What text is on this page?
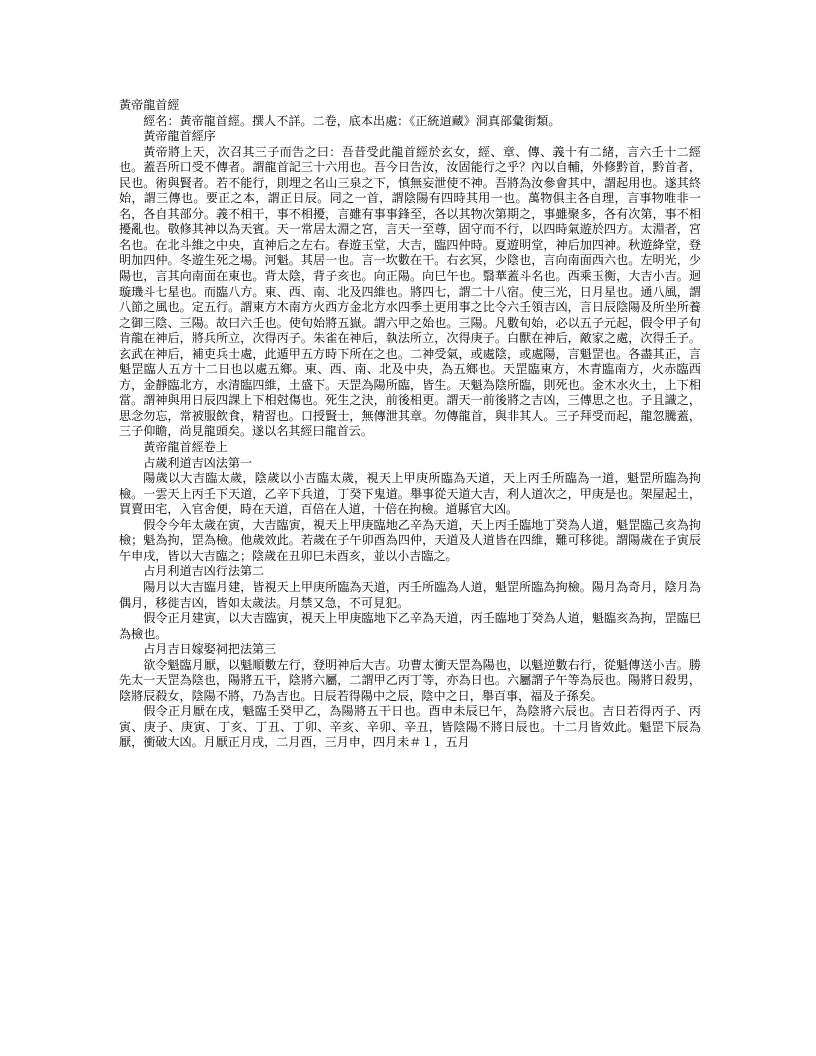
黃帝龍首經

經名：黃帝龍首經。撰人不詳。二卷，底本出處：《正統道藏》洞真部彙街類。

黃帝龍首經序

黃帝將上天，次召其三子而告之曰：吾昔受此龍首經於玄女，經、章、傳、義十有二緒，言六壬十二經也。蓋吾所口受不傳者。謂龍首記三十六用也。吾今日告汝，汝固能行之乎？內以自輔，外修黔首，黔首者，民也。術與賢者。若不能行，則埋之名山三泉之下，慎無妄泄使不神。吾將為汝參會其中，謂起用也。遂其終始，謂三傳也。要正之本，謂正日辰。同之一首，謂陰陽有四時其用一也。萬物俱主各自理，言事物唯非一名，各自其部分。義不相干，事不相擾，言雖有事事鋒至，各以其物次第期之，事雖聚多，各有次第，事不相擾亂也。敬修其神以為天賓。天一常居太淵之宮，言天一至尊，固守而不行，以四時氣遊於四方。太淵者，宮名也。在北斗維之中央，直神后之左右。春遊玉堂，大吉，臨四仲時。夏遊明堂，神后加四神。秋遊絳堂，登明加四仲。冬遊生死之場。河魁。其居一也。言一坎數在干。右玄冥，少陰也，言向南面西六也。左明光，少陽也，言其向南面在東也。背太陰，背子亥也。向正陽。向巳午也。翳華蓋斗名也。西乘玉衡，大吉小吉。迴璇璣斗七星也。而臨八方。東、西、南、北及四維也。將四七，謂二十八宿。使三光，日月星也。通八風，謂八節之風也。定五行。謂東方木南方火西方金北方水四季土更用事之比令六壬領吉凶，言日辰陰陽及所坐所養之御三陰、三陽。故曰六壬也。使旬始將五嶽。謂六甲之始也。三陽。凡數旬始，必以五子元起，假令甲子旬肯龍在神后，將兵所立，次得丙子。朱雀在神后，執法所立，次得庚子。白獸在神后，敵家之處，次得壬子。玄武在神后，補吏兵士處，此遁甲五方時下所在之也。二神受氣，或處陰，或處陽，言魁罡也。各盡其正，言魁罡臨人五方十二日也以處五鄉。東、西、南、北及中央，為五鄉也。天罡臨東方，木青臨南方，火赤臨西方，金靜臨北方，水清臨四維，土盛下。天罡為陽所臨，皆生。天魁為陰所臨，則死也。金木水火土，上下相當。謂神與用日辰四課上下相尅傷也。死生之決，前後相更。謂天一前後將之吉凶，三傳思之也。子且識之，思念勿忘，常被服飲食，精習也。口授賢士，無傳泄其章。勿傳龍首，與非其人。三子拜受而起，龍忽騰蓋，三子仰瞻，尚見龍頭矣。遂以名其經曰龍首云。

黃帝龍首經卷上

占歲利道吉凶法第一

陽歲以大吉臨太歲，陰歲以小吉臨太歲，視天上甲庚所臨為天道，天上丙壬所臨為一道，魁罡所臨為拘檢。一雲天上丙壬下天道，乙辛下兵道，丁癸下鬼道。舉事從天道大吉，利人道次之，甲庚是也。架屋起土，買賣田宅，入官舍便，時在天道，百倍在人道，十倍在拘檢。道縣官大凶。

假令今年太歲在寅，大吉臨寅，視天上甲庚臨地乙辛為天道，天上丙壬臨地丁癸為人道，魁罡臨己亥為拘檢；魁為拘，罡為檢。他歲效此。若歲在子午卯酉為四仲，天道及人道皆在四維，難可移徙。謂陽歲在子寅辰午申戌，皆以大吉臨之；陰歲在丑卯巳未酉亥，並以小吉臨之。

占月利道吉凶行法第二

陽月以大吉臨月建，皆視天上甲庚所臨為天道，丙壬所臨為人道，魁罡所臨為拘檢。陽月為奇月，陰月為偶月，移徙吉凶，皆如太歲法。月禁又急，不可見犯。

假令正月建寅，以大吉臨寅，視天上甲庚臨地下乙辛為天道，丙壬臨地丁癸為人道，魁臨亥為拘，罡臨巳為檢也。

占月吉日嫁娶祠把法第三

欲令魁臨月厭，以魁順數左行，登明神后大吉。功曹太衝天罡為陽也，以魁逆數右行，從魁傳送小吉。勝先太一天罡為陰也，陽將五干，陰將六屬，二謂甲乙丙丁等，亦為日也。六屬謂子午等為辰也。陽將日殺男，陰將辰殺女，陰陽不將，乃為吉也。日辰若得陽中之辰，陰中之日，舉百事，福及子孫矣。

假令正月厭在戌，魁臨壬癸甲乙，為陽將五干日也。酉申未辰巳午，為陰將六辰也。吉日若得丙子、丙寅、庚子、庚寅、丁亥、丁丑、丁卯、辛亥、辛卯、辛丑，皆陰陽不將日辰也。十二月皆效此。魁罡下辰為厭，衝破大凶。月厭正月戌，二月酉，三月申，四月未＃１，五月
